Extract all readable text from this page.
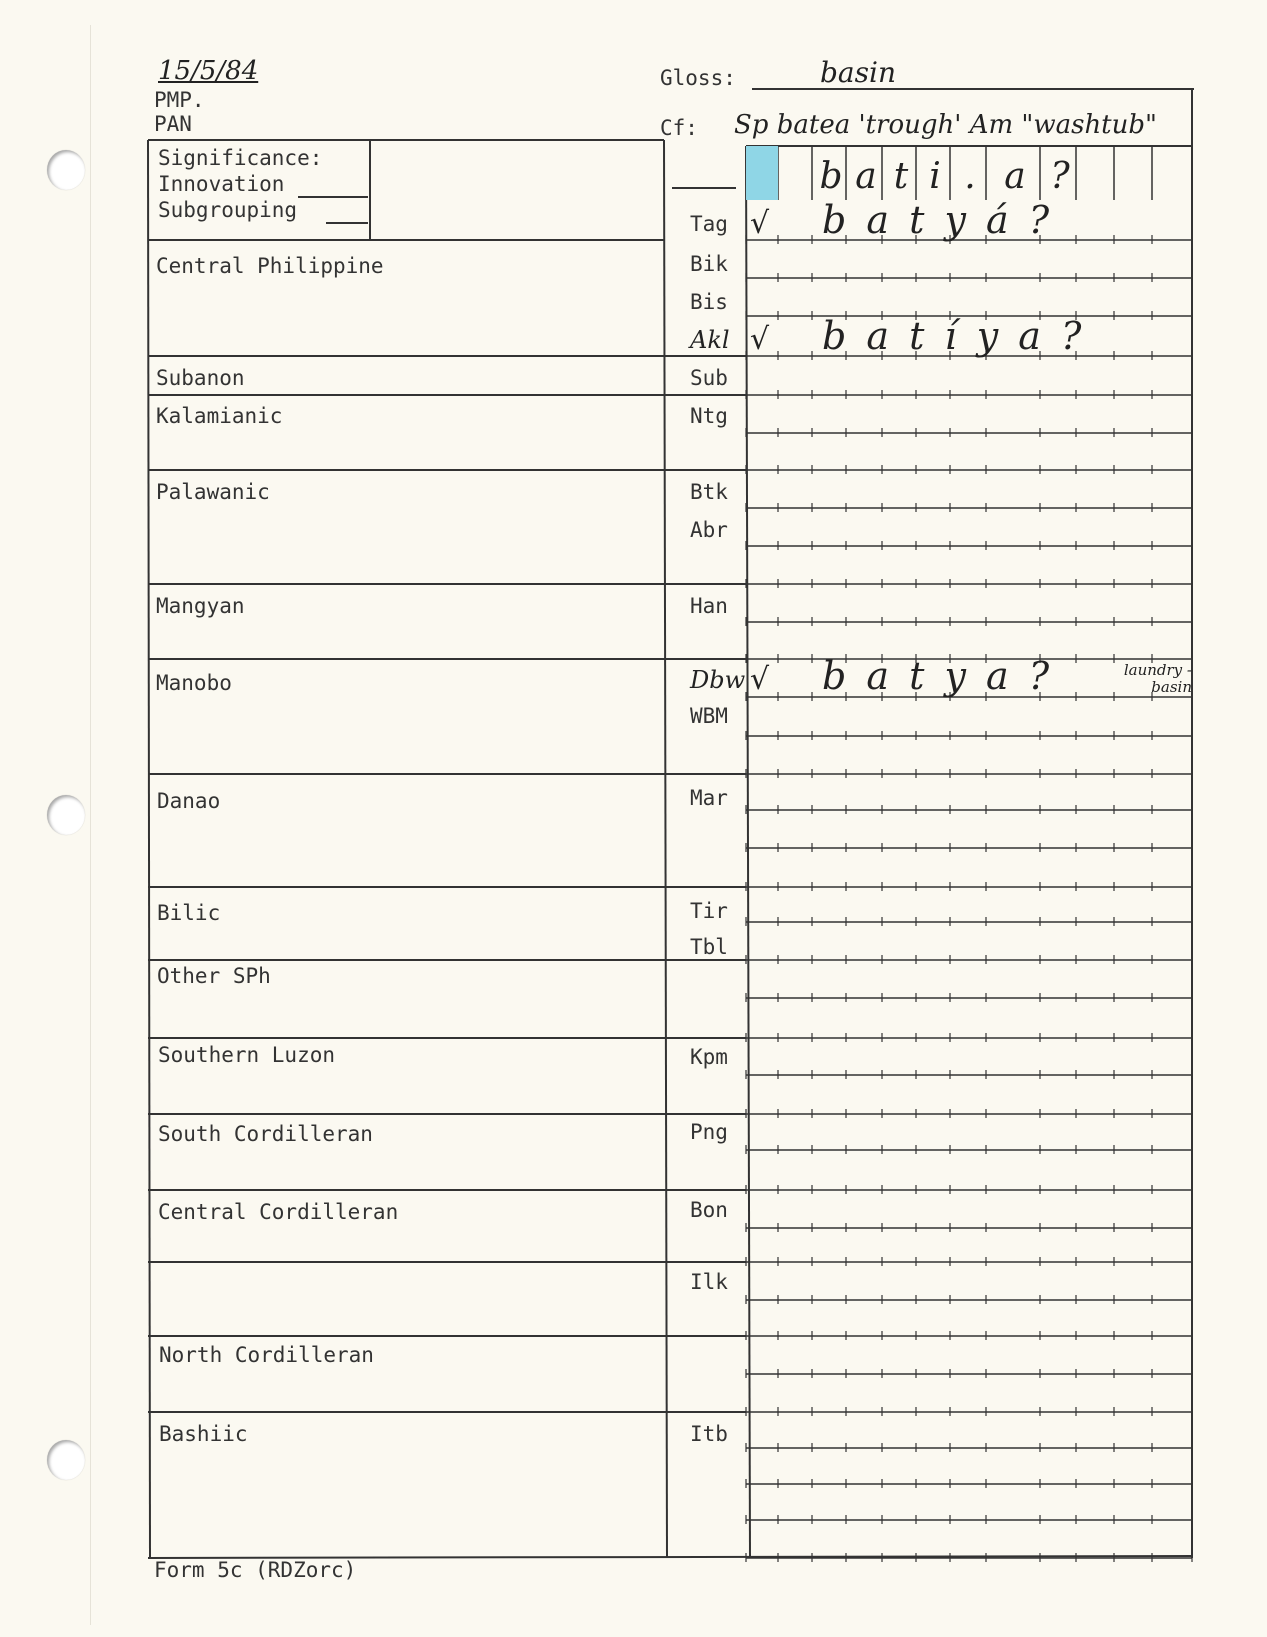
15/5/84
PMP.
PAN
Gloss:	basin
Cf: Sp batea 'trough' Am "washtub"
Significance:
Innovation
Subgrouping
b a t i . a ?
Central Philippine
Subanon
Kalamianic
Palawanic
Mangyan
Manobo
Danao
Bilic
Other SPh
Southern Luzon
South Cordilleran
Central Cordilleran
North Cordilleran
Bashiic
Tag √ b a t y á ?
Bik
Bis
Akl √ b a t í y a ?
Sub
Ntg
Btk
Abr
Han
Dbw √ b a t y a ?	laundry -basin
WBM
Mar
Tir
Tbl
Kpm
Png
Bon
Ilk
Itb
Form 5c (RDZorc)
